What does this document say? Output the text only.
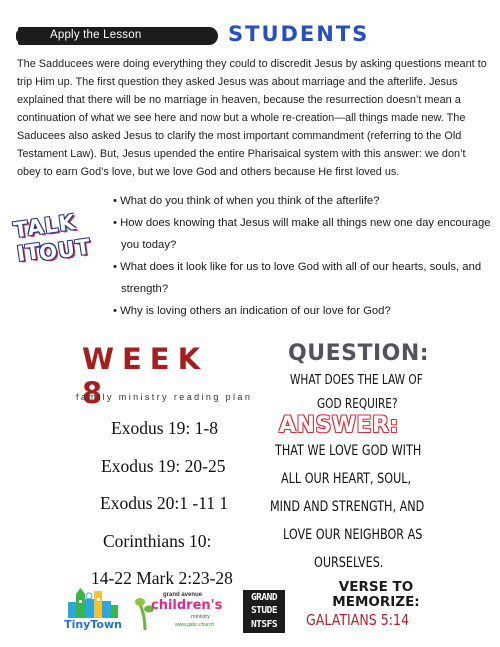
Apply the Lesson	STUDENTS

The Sadducees were doing everything they could to discredit Jesus by asking questions meant to trip Him up. The first question they asked Jesus was about marriage and the afterlife. Jesus explained that there will be no marriage in heaven, because the resurrection doesn’t mean a continuation of what we see here and now but a whole re-creation—all things made new. The Saducees also asked Jesus to clarify the most important commandment (referring to the Old Testament Law). But, Jesus upended the entire Pharisaical system with this answer: we don’t obey to earn God’s love, but we love God and others because He first loved us.

TALK IT
OUT
• What do you think of when you think of the afterlife?
• How does knowing that Jesus will make all things new one day encourage you today?
• What does it look like for us to love God with all of our hearts, souls, and strength?
• Why is loving others an indication of our love for God?
WEEK 8
family ministry reading plan
Exodus 19: 1-8
Exodus 19: 20-25
Exodus 20:1 -11 1
Corinthians 10:
14-22 Mark 2:23-28
QUESTION:
WHAT DOES THE LAW OF
GOD REQUIRE?
ANSWER:
THAT WE LOVE GOD WITH
ALL OUR HEART, SOUL,
MIND AND STRENGTH, AND
LOVE OUR NEIGHBOR AS
OURSELVES.
VERSE TO
MEMORIZE:
GALATIANS 5:14
TinyTown
grand avenue
children's
ministry
www.gabc.church
GRAND
STUDE
NTSFS
